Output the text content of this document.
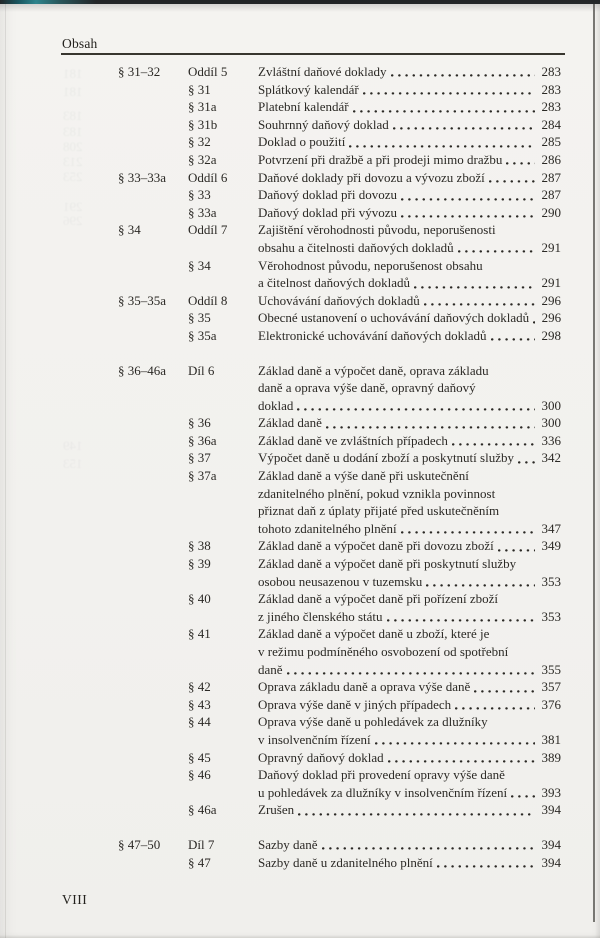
181
181
183
183
208
213
253
291
296
149
153
Obsah
§ 31–32	Oddíl 5	Zvláštní daňové doklady	283
§ 31	Splátkový kalendář	283
§ 31a	Platební kalendář	283
§ 31b	Souhrnný daňový doklad	284
§ 32	Doklad o použití	285
§ 32a	Potvrzení při dražbě a při prodeji mimo dražbu	286
§ 33–33a	Oddíl 6	Daňové doklady při dovozu a vývozu zboží	287
§ 33	Daňový doklad při dovozu	287
§ 33a	Daňový doklad při vývozu	290
§ 34	Oddíl 7	Zajištění věrohodnosti původu, neporušenosti
obsahu a čitelnosti daňových dokladů	291
§ 34	Věrohodnost původu, neporušenost obsahu
a čitelnost daňových dokladů	291
§ 35–35a	Oddíl 8	Uchovávání daňových dokladů	296
§ 35	Obecné ustanovení o uchovávání daňových dokladů 296
§ 35a	Elektronické uchovávání daňových dokladů	298
§ 36–46a	Díl 6	Základ daně a výpočet daně, oprava základu
daně a oprava výše daně, opravný daňový
doklad	300
§ 36	Základ daně	300
§ 36a	Základ daně ve zvláštních případech	336
§ 37	Výpočet daně u dodání zboží a poskytnutí služby 342
§ 37a	Základ daně a výše daně při uskutečnění
zdanitelného plnění, pokud vznikla povinnost
přiznat daň z úplaty přijaté před uskutečněním
tohoto zdanitelného plnění	347
§ 38	Základ daně a výpočet daně při dovozu zboží	349
§ 39	Základ daně a výpočet daně při poskytnutí služby
osobou neusazenou v tuzemsku	353
§ 40	Základ daně a výpočet daně při pořízení zboží
z jiného členského státu	353
§ 41	Základ daně a výpočet daně u zboží, které je
v režimu podmíněného osvobození od spotřební
daně	355
§ 42	Oprava základu daně a oprava výše daně	357
§ 43	Oprava výše daně v jiných případech	376
§ 44	Oprava výše daně u pohledávek za dlužníky
v insolvenčním řízení	381
§ 45	Opravný daňový doklad	389
§ 46	Daňový doklad při provedení opravy výše daně
u pohledávek za dlužníky v insolvenčním řízení	393
§ 46a	Zrušen	394
§ 47–50	Díl 7	Sazby daně	394
§ 47	Sazby daně u zdanitelného plnění	394
VIII
